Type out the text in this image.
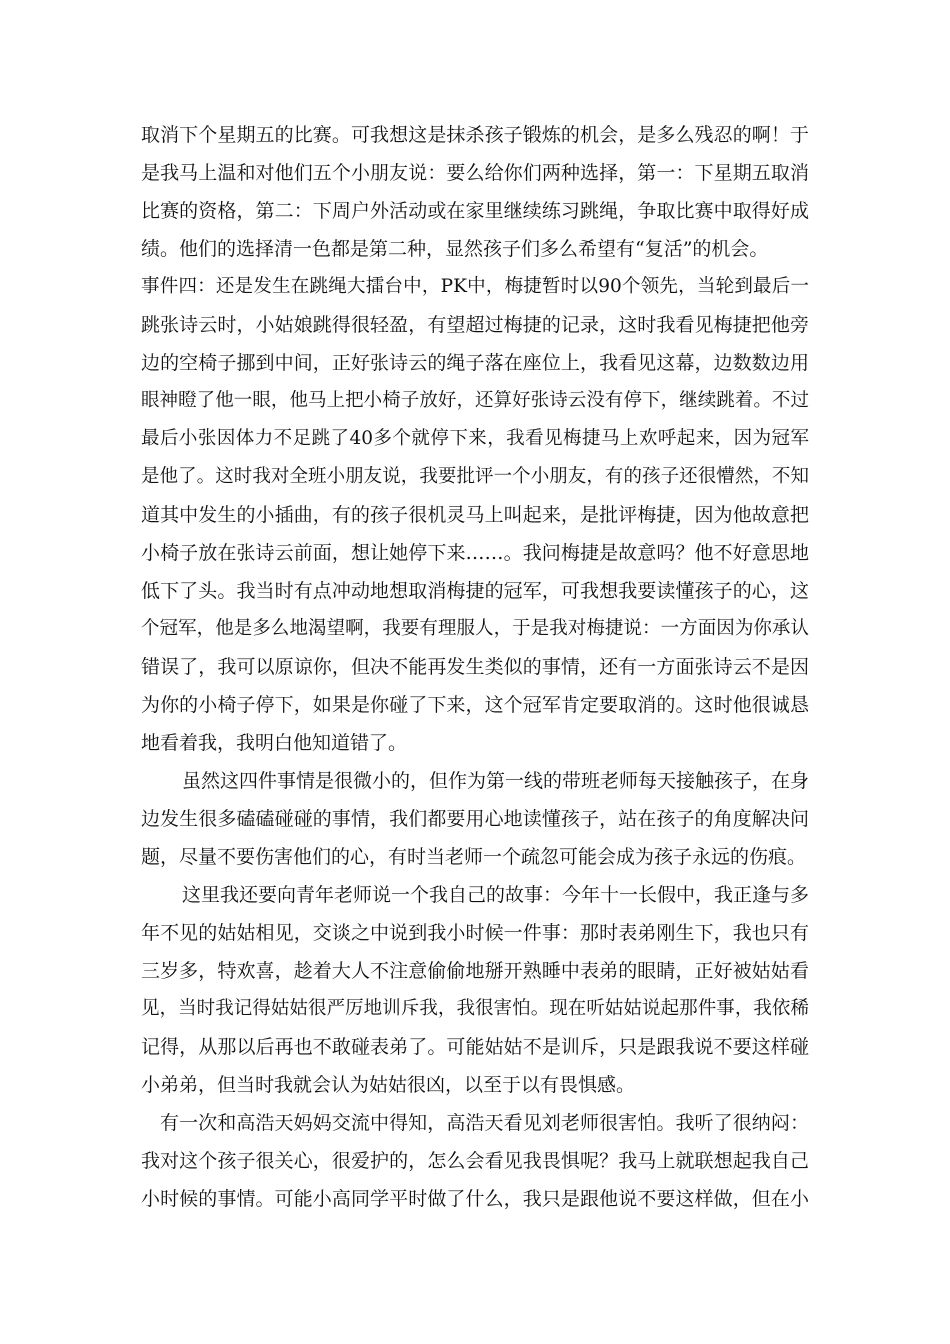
取消下个星期五的比赛。可我想这是抹杀孩子锻炼的机会，是多么残忍的啊！于
是我马上温和对他们五个小朋友说：要么给你们两种选择，第一：下星期五取消
比赛的资格，第二：下周户外活动或在家里继续练习跳绳，争取比赛中取得好成
绩。他们的选择清一色都是第二种，显然孩子们多么希望有“复活”的机会。
事件四：还是发生在跳绳大擂台中，PK中，梅捷暂时以90个领先，当轮到最后一
跳张诗云时，小姑娘跳得很轻盈，有望超过梅捷的记录，这时我看见梅捷把他旁
边的空椅子挪到中间，正好张诗云的绳子落在座位上，我看见这幕，边数数边用
眼神瞪了他一眼，他马上把小椅子放好，还算好张诗云没有停下，继续跳着。不过
最后小张因体力不足跳了40多个就停下来，我看见梅捷马上欢呼起来，因为冠军
是他了。这时我对全班小朋友说，我要批评一个小朋友，有的孩子还很懵然，不知
道其中发生的小插曲，有的孩子很机灵马上叫起来，是批评梅捷，因为他故意把
小椅子放在张诗云前面，想让她停下来……。我问梅捷是故意吗？他不好意思地
低下了头。我当时有点冲动地想取消梅捷的冠军，可我想我要读懂孩子的心，这
个冠军，他是多么地渴望啊，我要有理服人，于是我对梅捷说：一方面因为你承认
错误了，我可以原谅你，但决不能再发生类似的事情，还有一方面张诗云不是因
为你的小椅子停下，如果是你碰了下来，这个冠军肯定要取消的。这时他很诚恳
地看着我，我明白他知道错了。
虽然这四件事情是很微小的，但作为第一线的带班老师每天接触孩子，在身
边发生很多磕磕碰碰的事情，我们都要用心地读懂孩子，站在孩子的角度解决问
题，尽量不要伤害他们的心，有时当老师一个疏忽可能会成为孩子永远的伤痕。
这里我还要向青年老师说一个我自己的故事：今年十一长假中，我正逢与多
年不见的姑姑相见，交谈之中说到我小时候一件事：那时表弟刚生下，我也只有
三岁多，特欢喜，趁着大人不注意偷偷地掰开熟睡中表弟的眼睛，正好被姑姑看
见，当时我记得姑姑很严厉地训斥我，我很害怕。现在听姑姑说起那件事，我依稀
记得，从那以后再也不敢碰表弟了。可能姑姑不是训斥，只是跟我说不要这样碰
小弟弟，但当时我就会认为姑姑很凶，以至于以有畏惧感。
有一次和高浩天妈妈交流中得知，高浩天看见刘老师很害怕。我听了很纳闷：
我对这个孩子很关心，很爱护的，怎么会看见我畏惧呢？我马上就联想起我自己
小时候的事情。可能小高同学平时做了什么，我只是跟他说不要这样做，但在小
